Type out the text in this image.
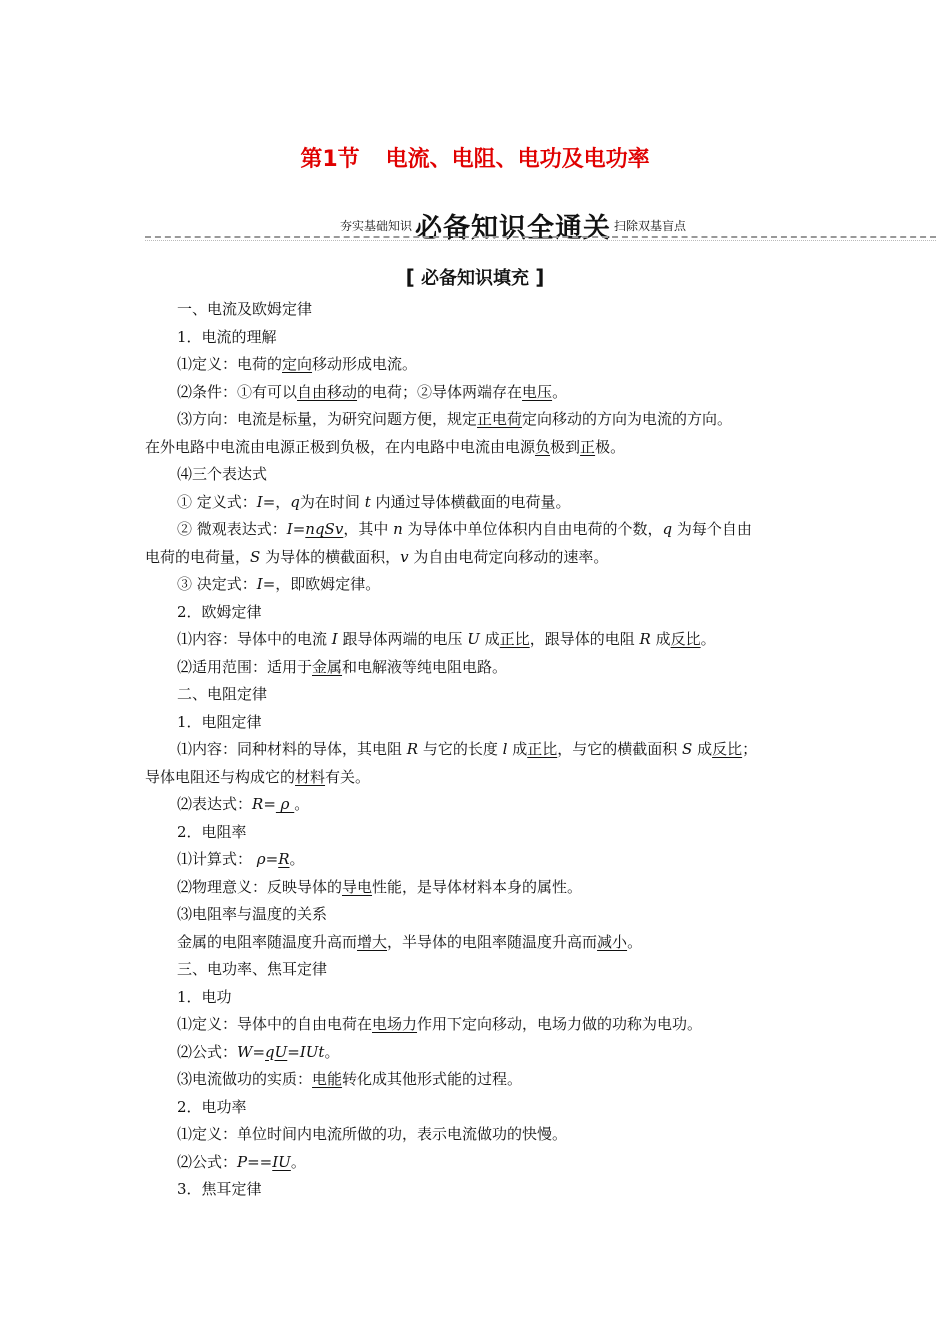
第1节 电流、电阻、电功及电功率
夯实基础知识 必备知识全通关 扫除双基盲点
[ 必备知识填充 ]
一、电流及欧姆定律
1．电流的理解
⑴定义：电荷的定向移动形成电流。
⑵条件：①有可以自由移动的电荷；②导体两端存在电压。
⑶方向：电流是标量，为研究问题方便，规定正电荷定向移动的方向为电流的方向。
在外电路中电流由电源正极到负极，在内电路中电流由电源负极到正极。
⑷三个表达式
① 定义式：I=，q为在时间 t 内通过导体横截面的电荷量。
② 微观表达式：I=nqSv，其中 n 为导体中单位体积内自由电荷的个数，q 为每个自由
电荷的电荷量，S 为导体的横截面积，v 为自由电荷定向移动的速率。
③ 决定式：I=，即欧姆定律。
2．欧姆定律
⑴内容：导体中的电流 I 跟导体两端的电压 U 成正比，跟导体的电阻 R 成反比。
⑵适用范围：适用于金属和电解液等纯电阻电路。
二、电阻定律
1．电阻定律
⑴内容：同种材料的导体，其电阻 R 与它的长度 l 成正比，与它的横截面积 S 成反比；
导体电阻还与构成它的材料有关。
⑵表达式：R= ρ 。
2．电阻率
⑴计算式： ρ=R。
⑵物理意义：反映导体的导电性能，是导体材料本身的属性。
⑶电阻率与温度的关系
金属的电阻率随温度升高而增大，半导体的电阻率随温度升高而减小。
三、电功率、焦耳定律
1．电功
⑴定义：导体中的自由电荷在电场力作用下定向移动，电场力做的功称为电功。
⑵公式：W=qU=IUt。
⑶电流做功的实质：电能转化成其他形式能的过程。
2．电功率
⑴定义：单位时间内电流所做的功，表示电流做功的快慢。
⑵公式：P==IU。
3．焦耳定律
